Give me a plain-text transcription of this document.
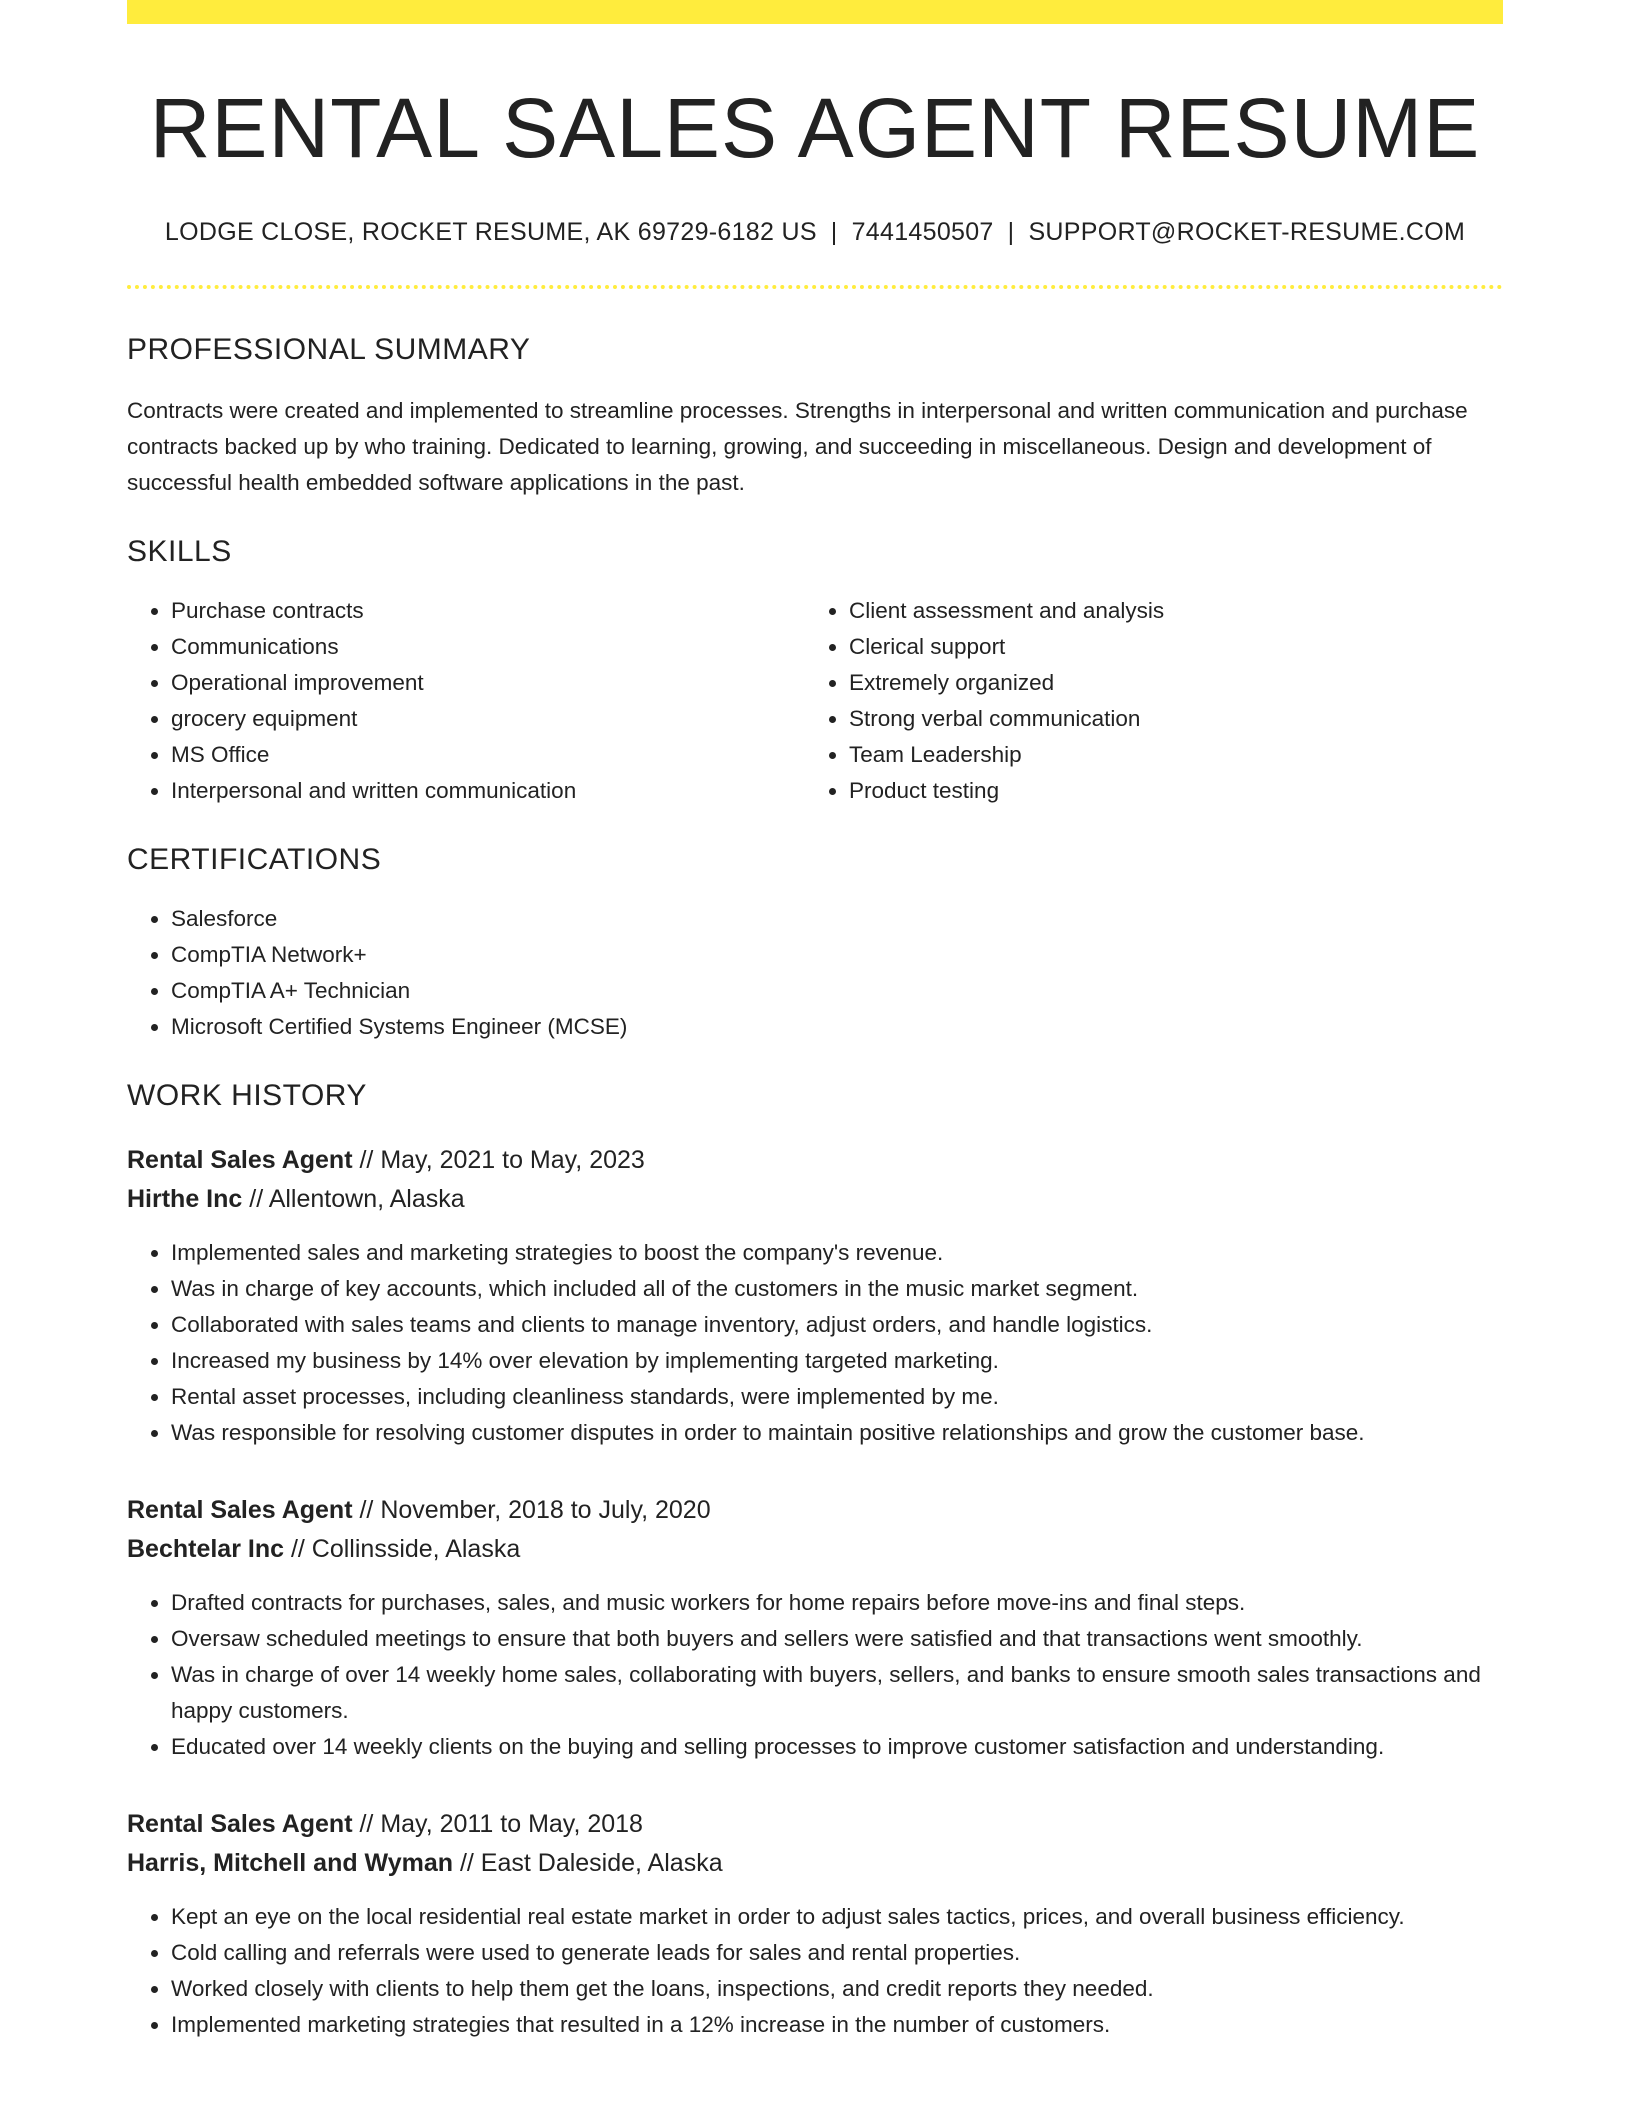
RENTAL SALES AGENT RESUME
LODGE CLOSE, ROCKET RESUME, AK 69729-6182 US | 7441450507 | SUPPORT@ROCKET-RESUME.COM
PROFESSIONAL SUMMARY

Contracts were created and implemented to streamline processes. Strengths in interpersonal and written communication and purchase contracts backed up by who training. Dedicated to learning, growing, and succeeding in miscellaneous. Design and development of successful health embedded software applications in the past.

SKILLS
• Purchase contracts
• Communications
• Operational improvement
• grocery equipment
• MS Office
• Interpersonal and written communication
• Client assessment and analysis
• Clerical support
• Extremely organized
• Strong verbal communication
• Team Leadership
• Product testing
CERTIFICATIONS
• Salesforce
• CompTIA Network+
• CompTIA A+ Technician
• Microsoft Certified Systems Engineer (MCSE)
WORK HISTORY
Rental Sales Agent // May, 2021 to May, 2023
Hirthe Inc // Allentown, Alaska
• Implemented sales and marketing strategies to boost the company's revenue.
• Was in charge of key accounts, which included all of the customers in the music market segment.
• Collaborated with sales teams and clients to manage inventory, adjust orders, and handle logistics.
• Increased my business by 14% over elevation by implementing targeted marketing.
• Rental asset processes, including cleanliness standards, were implemented by me.
• Was responsible for resolving customer disputes in order to maintain positive relationships and grow the customer base.
Rental Sales Agent // November, 2018 to July, 2020
Bechtelar Inc // Collinsside, Alaska
• Drafted contracts for purchases, sales, and music workers for home repairs before move-ins and final steps.
• Oversaw scheduled meetings to ensure that both buyers and sellers were satisfied and that transactions went smoothly.
• Was in charge of over 14 weekly home sales, collaborating with buyers, sellers, and banks to ensure smooth sales transactions and happy customers.
• Educated over 14 weekly clients on the buying and selling processes to improve customer satisfaction and understanding.
Rental Sales Agent // May, 2011 to May, 2018
Harris, Mitchell and Wyman // East Daleside, Alaska
• Kept an eye on the local residential real estate market in order to adjust sales tactics, prices, and overall business efficiency.
• Cold calling and referrals were used to generate leads for sales and rental properties.
• Worked closely with clients to help them get the loans, inspections, and credit reports they needed.
• Implemented marketing strategies that resulted in a 12% increase in the number of customers.
